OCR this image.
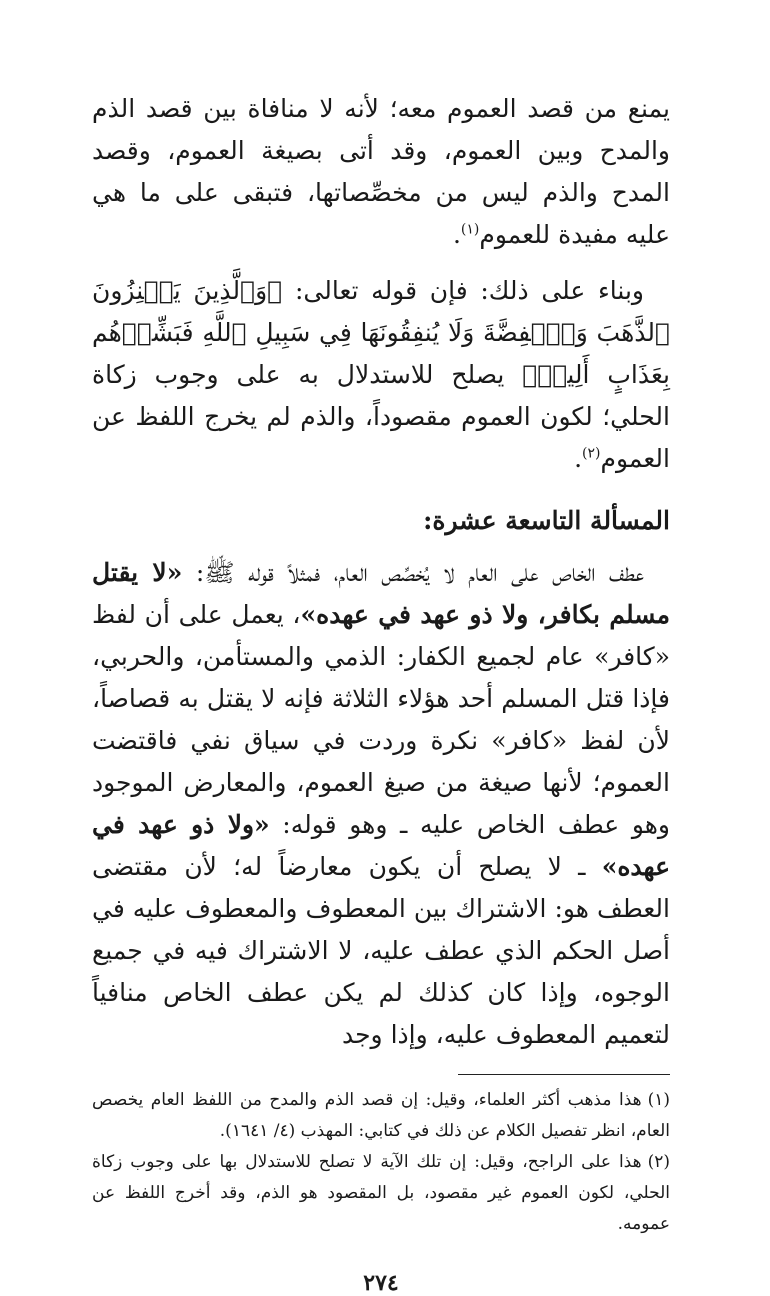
يمنع من قصد العموم معه؛ لأنه لا منافاة بين قصد الذم والمدح وبين العموم، وقد أتى بصيغة العموم، وقصد المدح والذم ليس من مخصِّصاتها، فتبقى على ما هي عليه مفيدة للعموم$^{(١)}$.

وبناء على ذلك: فإن قوله تعالى: ﴿وَٱلَّذِينَ يَكۡنِزُونَ ٱلذَّهَبَ وَٱلۡفِضَّةَ وَلَا يُنفِقُونَهَا فِي سَبِيلِ ٱللَّهِ فَبَشِّرۡهُم بِعَذَابٍ أَلِيمٖ﴾ يصلح للاستدلال به على وجوب زكاة الحلي؛ لكون العموم مقصوداً، والذم لم يخرج اللفظ عن العموم$^{(٢)}$.

المسألة التاسعة عشرة:

عطف الخاص على العام لا يُخصِّص العام، فمثلاً قوله ﷺ: «لا يقتل مسلم بكافر، ولا ذو عهد في عهده»، يعمل على أن لفظ «كافر» عام لجميع الكفار: الذمي والمستأمن، والحربي، فإذا قتل المسلم أحد هؤلاء الثلاثة فإنه لا يقتل به قصاصاً، لأن لفظ «كافر» نكرة وردت في سياق نفي فاقتضت العموم؛ لأنها صيغة من صيغ العموم، والمعارض الموجود وهو عطف الخاص عليه ـ وهو قوله: «ولا ذو عهد في عهده» ـ لا يصلح أن يكون معارضاً له؛ لأن مقتضى العطف هو: الاشتراك بين المعطوف والمعطوف عليه في أصل الحكم الذي عطف عليه، لا الاشتراك فيه في جميع الوجوه، وإذا كان كذلك لم يكن عطف الخاص منافياً لتعميم المعطوف عليه، وإذا وجد

(١)هذا مذهب أكثر العلماء، وقيل: إن قصد الذم والمدح من اللفظ العام يخصص العام، انظر تفصيل الكلام عن ذلك في كتابي: المهذب (٤/ ١٦٤١).

(٢)هذا على الراجح، وقيل: إن تلك الآية لا تصلح للاستدلال بها على وجوب زكاة الحلي، لكون العموم غير مقصود، بل المقصود هو الذم، وقد أخرج اللفظ عن عمومه.

٢٧٤
